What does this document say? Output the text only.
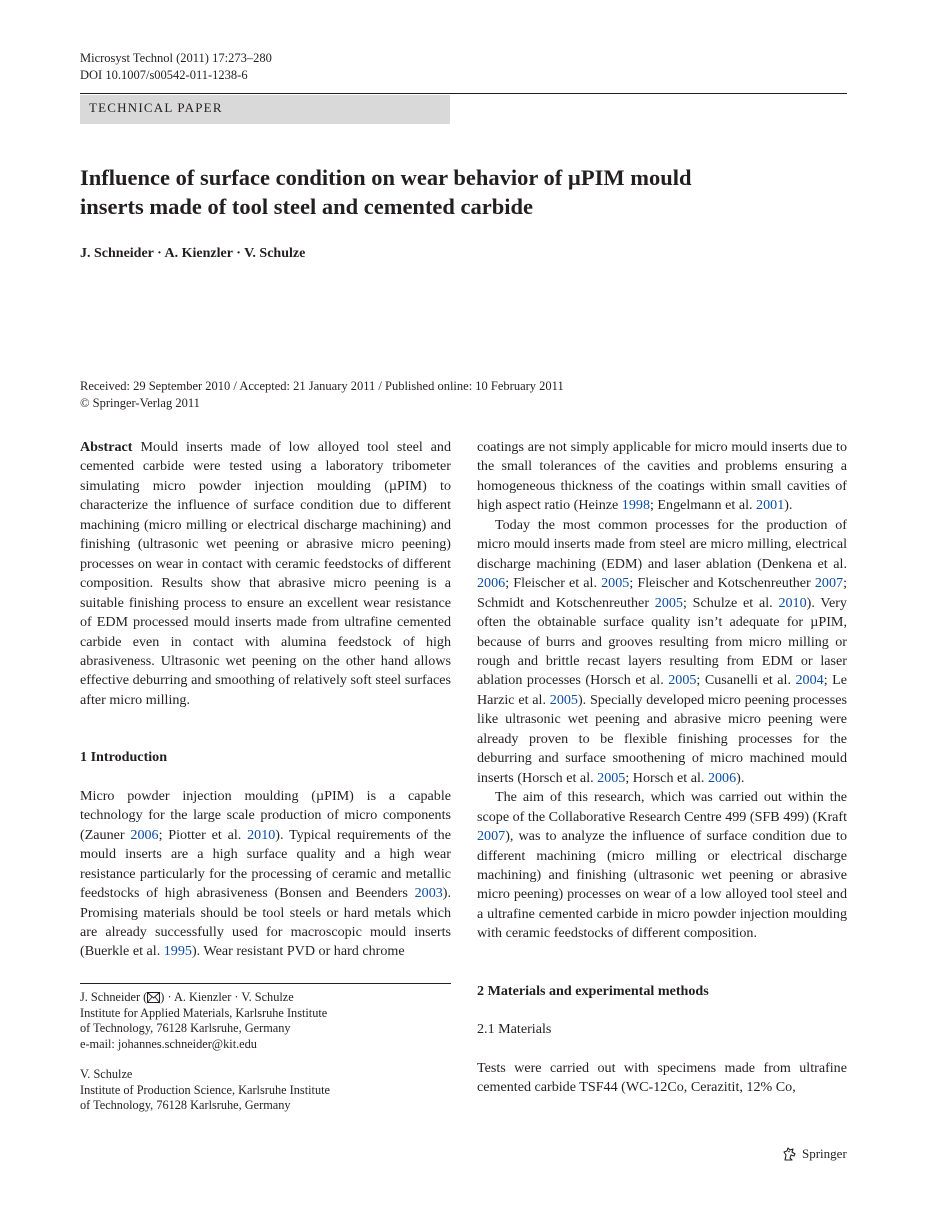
Microsyst Technol (2011) 17:273–280
DOI 10.1007/s00542-011-1238-6
TECHNICAL PAPER
Influence of surface condition on wear behavior of µPIM mould
inserts made of tool steel and cemented carbide
J. Schneider · A. Kienzler · V. Schulze
Received: 29 September 2010 / Accepted: 21 January 2011 / Published online: 10 February 2011
© Springer-Verlag 2011

Abstract Mould inserts made of low alloyed tool steel and cemented carbide were tested using a laboratory tribometer simulating micro powder injection moulding (µPIM) to characterize the influence of surface condition due to different machining (micro milling or electrical discharge machining) and finishing (ultrasonic wet peening or abrasive micro peening) processes on wear in contact with ceramic feedstocks of different composition. Results show that abrasive micro peening is a suitable finishing process to ensure an excellent wear resistance of EDM processed mould inserts made from ultrafine cemented carbide even in contact with alumina feedstock of high abrasiveness. Ultrasonic wet peening on the other hand allows effective deburring and smoothing of relatively soft steel surfaces after micro milling.

1 Introduction

Micro powder injection moulding (µPIM) is a capable technology for the large scale production of micro components (Zauner 2006; Piotter et al. 2010). Typical requirements of the mould inserts are a high surface quality and a high wear resistance particularly for the processing of ceramic and metallic feedstocks of high abrasiveness (Bonsen and Beenders 2003). Promising materials should be tool steels or hard metals which are already successfully used for macroscopic mould inserts (Buerkle et al. 1995). Wear resistant PVD or hard chrome

coatings are not simply applicable for micro mould inserts due to the small tolerances of the cavities and problems ensuring a homogeneous thickness of the coatings within small cavities of high aspect ratio (Heinze 1998; Engelmann et al. 2001).

Today the most common processes for the production of micro mould inserts made from steel are micro milling, electrical discharge machining (EDM) and laser ablation (Denkena et al. 2006; Fleischer et al. 2005; Fleischer and Kotschenreuther 2007; Schmidt and Kotschenreuther 2005; Schulze et al. 2010). Very often the obtainable surface quality isn’t adequate for µPIM, because of burrs and grooves resulting from micro milling or rough and brittle recast layers resulting from EDM or laser ablation processes (Horsch et al. 2005; Cusanelli et al. 2004; Le Harzic et al. 2005). Specially developed micro peening processes like ultrasonic wet peening and abrasive micro peening were already proven to be flexible finishing processes for the deburring and surface smoothening of micro machined mould inserts (Horsch et al. 2005; Horsch et al. 2006).

The aim of this research, which was carried out within the scope of the Collaborative Research Centre 499 (SFB 499) (Kraft 2007), was to analyze the influence of surface condition due to different machining (micro milling or electrical discharge machining) and finishing (ultrasonic wet peening or abrasive micro peening) processes on wear of a low alloyed tool steel and a ultrafine cemented carbide in micro powder injection moulding with ceramic feedstocks of different composition.

2 Materials and experimental methods

2.1 Materials

Tests were carried out with specimens made from ultrafine cemented carbide TSF44 (WC-12Co, Cerazitit, 12% Co,

J. Schneider ( ) · A. Kienzler · V. Schulze
Institute for Applied Materials, Karlsruhe Institute
of Technology, 76128 Karlsruhe, Germany
e-mail: johannes.schneider@kit.edu
V. Schulze
Institute of Production Science, Karlsruhe Institute
of Technology, 76128 Karlsruhe, Germany
Springer
